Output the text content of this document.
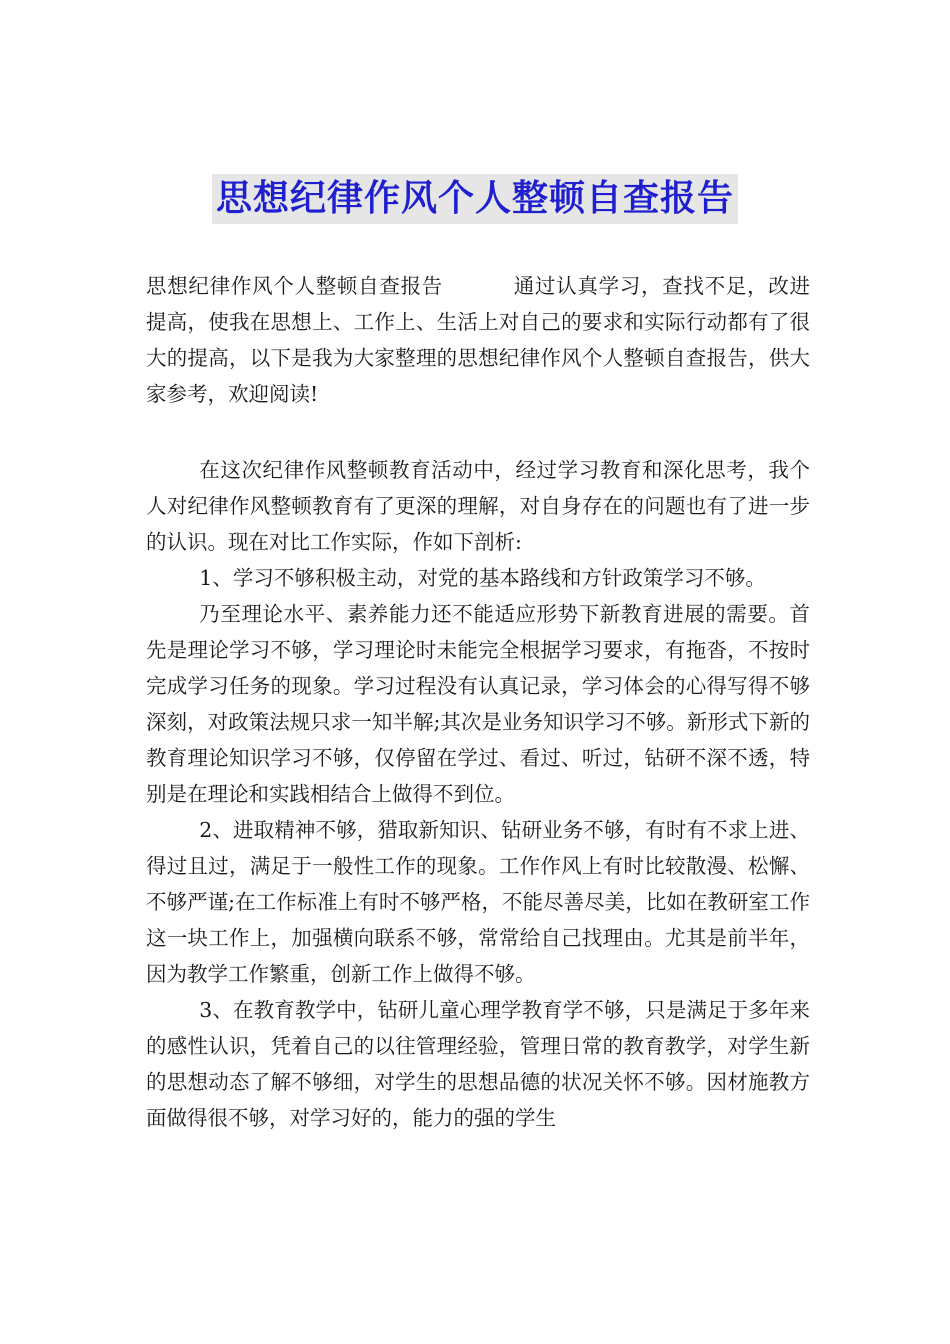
思想纪律作风个人整顿自查报告

思想纪律作风个人整顿自查报告	通过认真学习，查找不足，改进提高，使我在思想上、工作上、生活上对自己的要求和实际行动都有了很大的提高，以下是我为大家整理的思想纪律作风个人整顿自查报告，供大家参考，欢迎阅读!

在这次纪律作风整顿教育活动中，经过学习教育和深化思考，我个人对纪律作风整顿教育有了更深的理解，对自身存在的问题也有了进一步的认识。现在对比工作实际，作如下剖析:

1、学习不够积极主动，对党的基本路线和方针政策学习不够。

乃至理论水平、素养能力还不能适应形势下新教育进展的需要。首先是理论学习不够，学习理论时未能完全根据学习要求，有拖沓，不按时完成学习任务的现象。学习过程没有认真记录，学习体会的心得写得不够深刻，对政策法规只求一知半解;其次是业务知识学习不够。新形式下新的教育理论知识学习不够，仅停留在学过、看过、听过，钻研不深不透，特别是在理论和实践相结合上做得不到位。

2、进取精神不够，猎取新知识、钻研业务不够，有时有不求上进、得过且过，满足于一般性工作的现象。工作作风上有时比较散漫、松懈、不够严谨;在工作标准上有时不够严格，不能尽善尽美，比如在教研室工作这一块工作上，加强横向联系不够，常常给自己找理由。尤其是前半年，因为教学工作繁重，创新工作上做得不够。

3、在教育教学中，钻研儿童心理学教育学不够，只是满足于多年来的感性认识，凭着自己的以往管理经验，管理日常的教育教学，对学生新的思想动态了解不够细，对学生的思想品德的状况关怀不够。因材施教方面做得很不够，对学习好的，能力的强的学生
